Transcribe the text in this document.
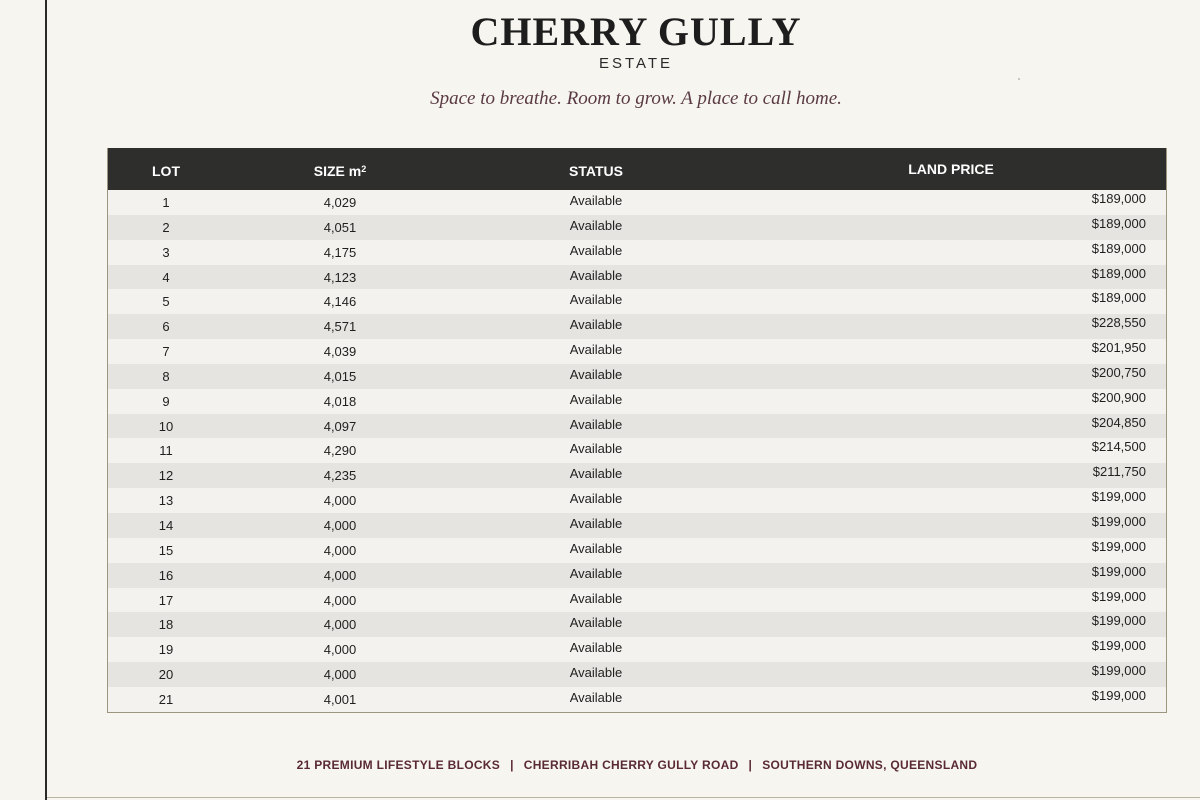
CHERRY GULLY
ESTATE
Space to breathe. Room to grow. A place to call home.
LOT	SIZE $m^2$	STATUS	LAND PRICE
1	4,029	Available	$189,000
2	4,051	Available	$189,000
3	4,175	Available	$189,000
4	4,123	Available	$189,000
5	4,146	Available	$189,000
6	4,571	Available	$228,550
7	4,039	Available	$201,950
8	4,015	Available	$200,750
9	4,018	Available	$200,900
10	4,097	Available	$204,850
11	4,290	Available	$214,500
12	4,235	Available	$211,750
13	4,000	Available	$199,000
14	4,000	Available	$199,000
15	4,000	Available	$199,000
16	4,000	Available	$199,000
17	4,000	Available	$199,000
18	4,000	Available	$199,000
19	4,000	Available	$199,000
20	4,000	Available	$199,000
21	4,001	Available	$199,000
21 PREMIUM LIFESTYLE BLOCKS | CHERRIBAH CHERRY GULLY ROAD | SOUTHERN DOWNS, QUEENSLAND
